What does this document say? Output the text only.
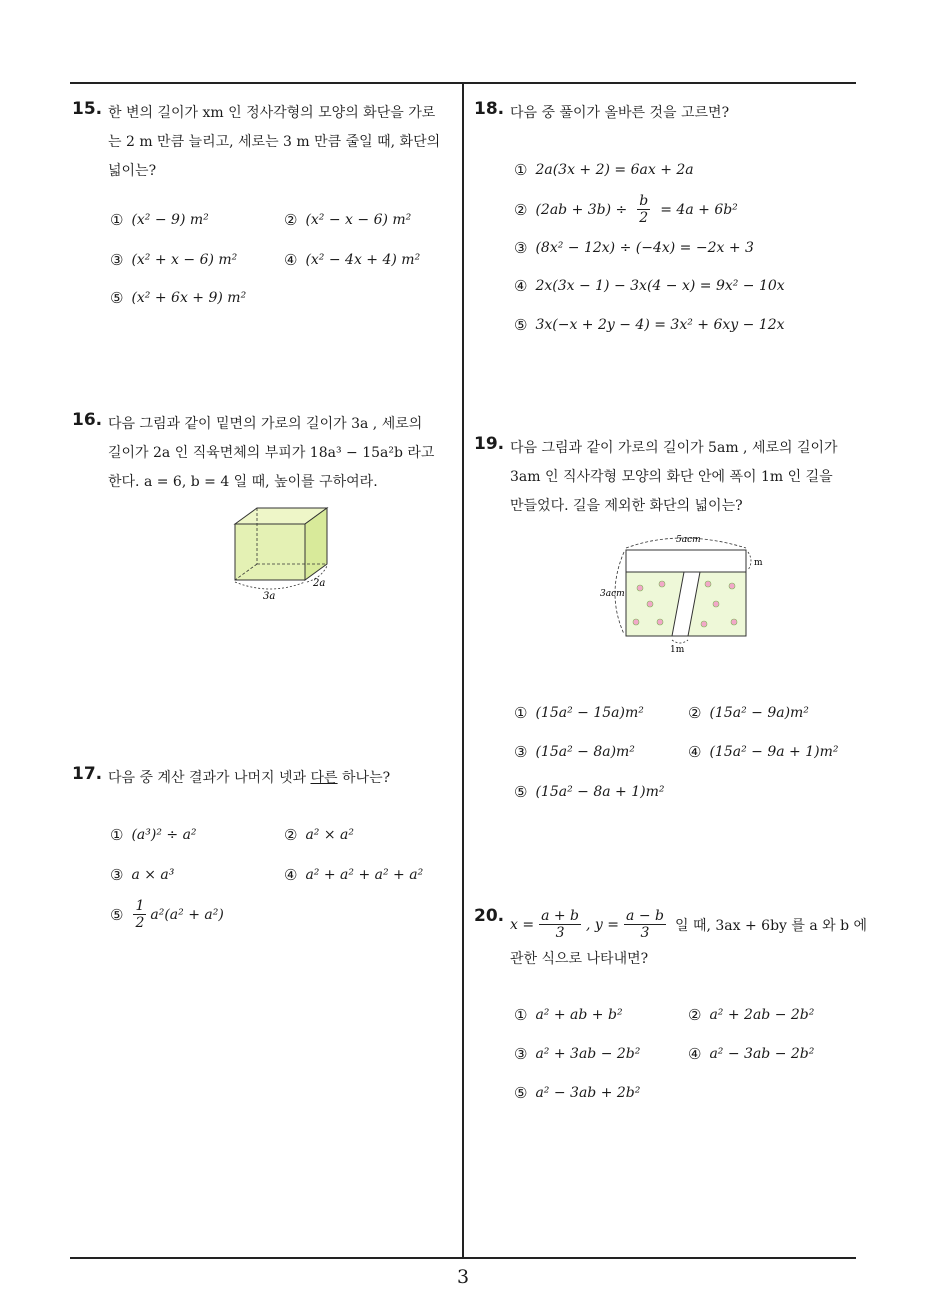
15. 한 변의 길이가 xm 인 정사각형의 모양의 화단을 가로
는 2 m 만큼 늘리고, 세로는 3 m 만큼 줄일 때, 화단의
넓이는?
① (x² − 9) m²	② (x² − x − 6) m²
③ (x² + x − 6) m²	④ (x² − 4x + 4) m²
⑤ (x² + 6x + 9) m²
16. 다음 그림과 같이 밑면의 가로의 길이가 3a , 세로의
길이가 2a 인 직육면체의 부피가 18a³ − 15a²b 라고
한다. a = 6, b = 4 일 때, 높이를 구하여라.
3a
2a
17. 다음 중 계산 결과가 나머지 넷과 다른 하나는?
① (a³)² ÷ a²	② a² × a²
③ a × a³	④ a² + a² + a² + a²
⑤ $\frac{1}{2} a^2(a^2 + a^2)$
18. 다음 중 풀이가 올바른 것을 고르면?
① 2a(3x + 2) = 6ax + 2a
② $(2ab + 3b) \div \frac{b}{2} = 4a + 6b^2$
③ (8x² − 12x) ÷ (−4x) = −2x + 3
④ 2x(3x − 1) − 3x(4 − x) = 9x² − 10x
⑤ 3x(−x + 2y − 4) = 3x² + 6xy − 12x
19. 다음 그림과 같이 가로의 길이가 5am , 세로의 길이가
3am 인 직사각형 모양의 화단 안에 폭이 1m 인 길을
만들었다. 길을 제외한 화단의 넓이는?
5acm
3acm
m
1m
① (15a² − 15a)m²	② (15a² − 9a)m²
③ (15a² − 8a)m²	④ (15a² − 9a + 1)m²
⑤ (15a² − 8a + 1)m²
20. $x = \frac{a + b}{3}$ , $y = \frac{a - b}{3}$ 일 때, 3ax + 6by 를 a 와 b 에
관한 식으로 나타내면?
① a² + ab + b²	② a² + 2ab − 2b²
③ a² + 3ab − 2b²	④ a² − 3ab − 2b²
⑤ a² − 3ab + 2b²
3
